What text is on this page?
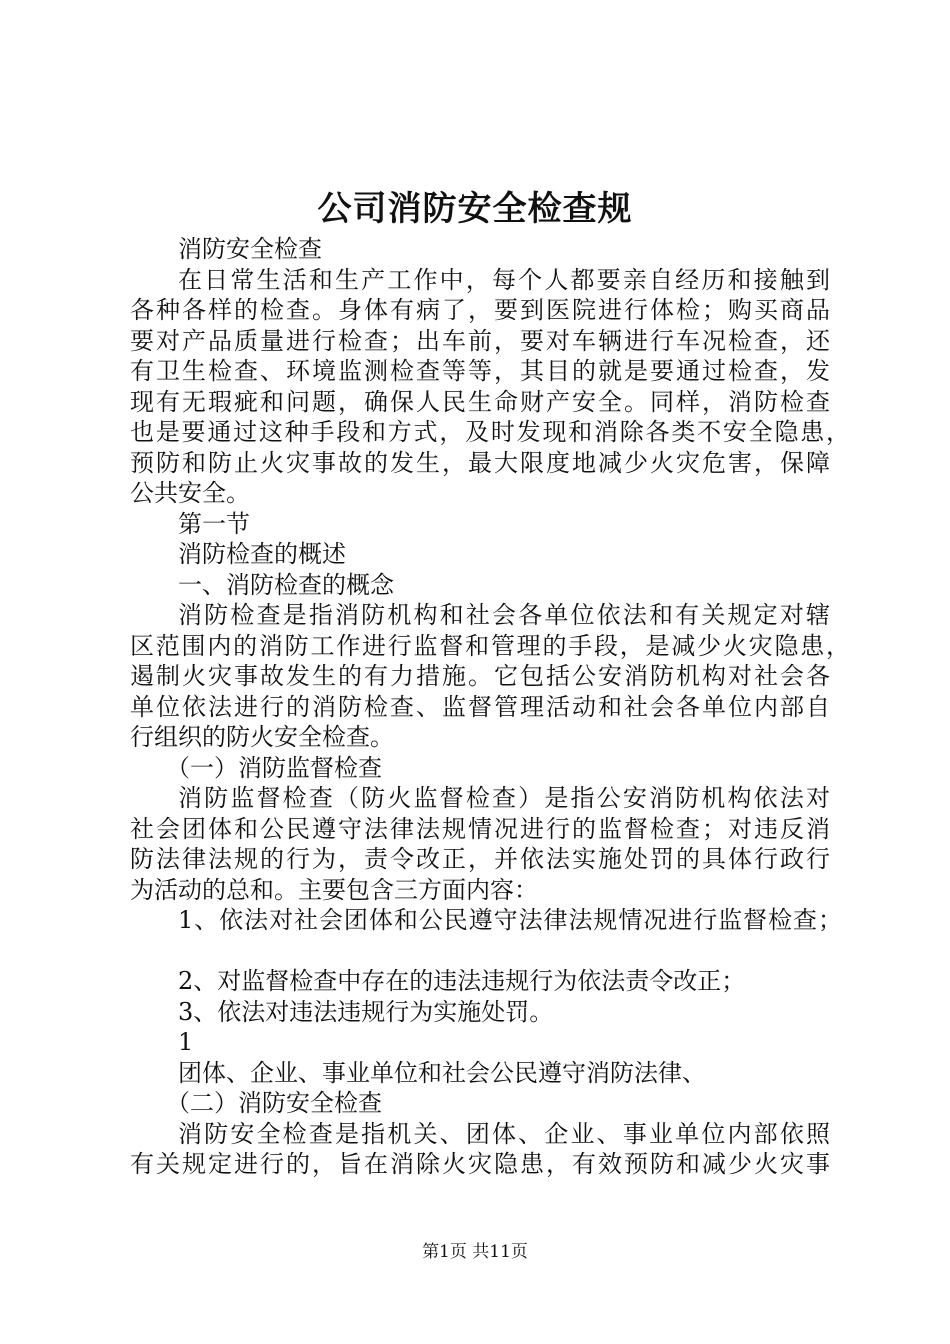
公司消防安全检查规
消防安全检查
在日常生活和生产工作中，每个人都要亲自经历和接触到
各种各样的检查。身体有病了，要到医院进行体检；购买商品
要对产品质量进行检查；出车前，要对车辆进行车况检查，还
有卫生检查、环境监测检查等等，其目的就是要通过检查，发
现有无瑕疵和问题，确保人民生命财产安全。同样，消防检查
也是要通过这种手段和方式，及时发现和消除各类不安全隐患，
预防和防止火灾事故的发生，最大限度地减少火灾危害，保障
公共安全。
第一节
消防检查的概述
一、消防检查的概念
消防检查是指消防机构和社会各单位依法和有关规定对辖
区范围内的消防工作进行监督和管理的手段，是减少火灾隐患，
遏制火灾事故发生的有力措施。它包括公安消防机构对社会各
单位依法进行的消防检查、监督管理活动和社会各单位内部自
行组织的防火安全检查。
（一）消防监督检查
消防监督检查（防火监督检查）是指公安消防机构依法对
社会团体和公民遵守法律法规情况进行的监督检查；对违反消
防法律法规的行为，责令改正，并依法实施处罚的具体行政行
为活动的总和。主要包含三方面内容：
1、依法对社会团体和公民遵守法律法规情况进行监督检查；
2、对监督检查中存在的违法违规行为依法责令改正；
3、依法对违法违规行为实施处罚。
1
团体、企业、事业单位和社会公民遵守消防法律、
（二）消防安全检查
消防安全检查是指机关、团体、企业、事业单位内部依照
有关规定进行的，旨在消除火灾隐患，有效预防和减少火灾事
第1页 共11页
